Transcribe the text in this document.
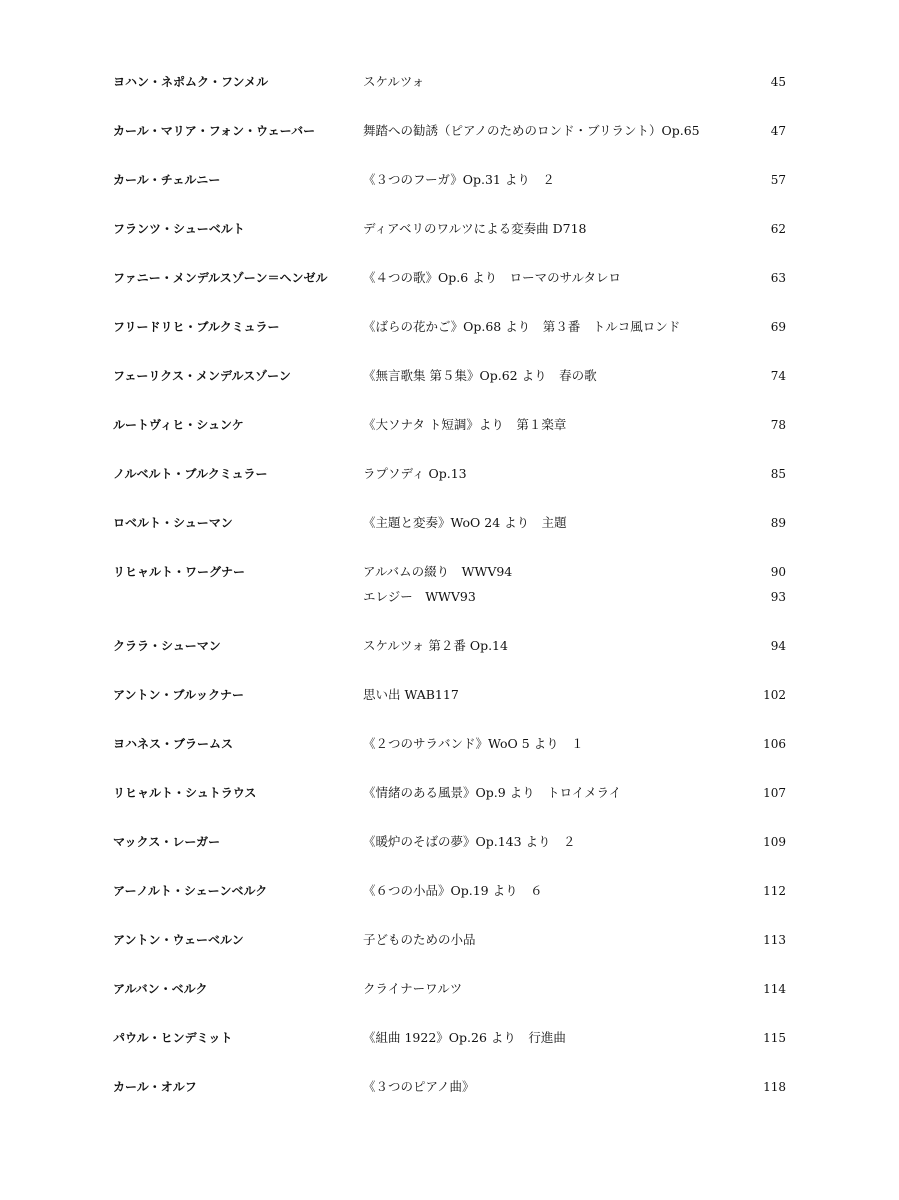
ヨハン・ネポムク・フンメル	スケルツォ	45
カール・マリア・フォン・ウェーバー	舞踏への勧誘（ピアノのためのロンド・ブリラント）Op.65	47
カール・チェルニー	《３つのフーガ》Op.31 より　２	57
フランツ・シューベルト	ディアベリのワルツによる変奏曲 D718	62
ファニー・メンデルスゾーン＝ヘンゼル	《４つの歌》Op.6 より　ローマのサルタレロ	63
フリードリヒ・ブルクミュラー	《ばらの花かご》Op.68 より　第３番　トルコ風ロンド	69
フェーリクス・メンデルスゾーン	《無言歌集 第５集》Op.62 より　春の歌	74
ルートヴィヒ・シュンケ	《大ソナタ ト短調》より　第１楽章	78
ノルベルト・ブルクミュラー	ラプソディ Op.13	85
ロベルト・シューマン	《主題と変奏》WoO 24 より　主題	89
リヒャルト・ワーグナー	アルバムの綴り　WWV94	90
エレジー　WWV93	93
クララ・シューマン	スケルツォ 第２番 Op.14	94
アントン・ブルックナー	思い出 WAB117	102
ヨハネス・ブラームス	《２つのサラバンド》WoO 5 より　１	106
リヒャルト・シュトラウス	《情緒のある風景》Op.9 より　トロイメライ	107
マックス・レーガー	《暖炉のそばの夢》Op.143 より　２	109
アーノルト・シェーンベルク	《６つの小品》Op.19 より　６	112
アントン・ウェーベルン	子どものための小品	113
アルバン・ベルク	クライナーワルツ	114
パウル・ヒンデミット	《組曲 1922》Op.26 より　行進曲	115
カール・オルフ	《３つのピアノ曲》	118
